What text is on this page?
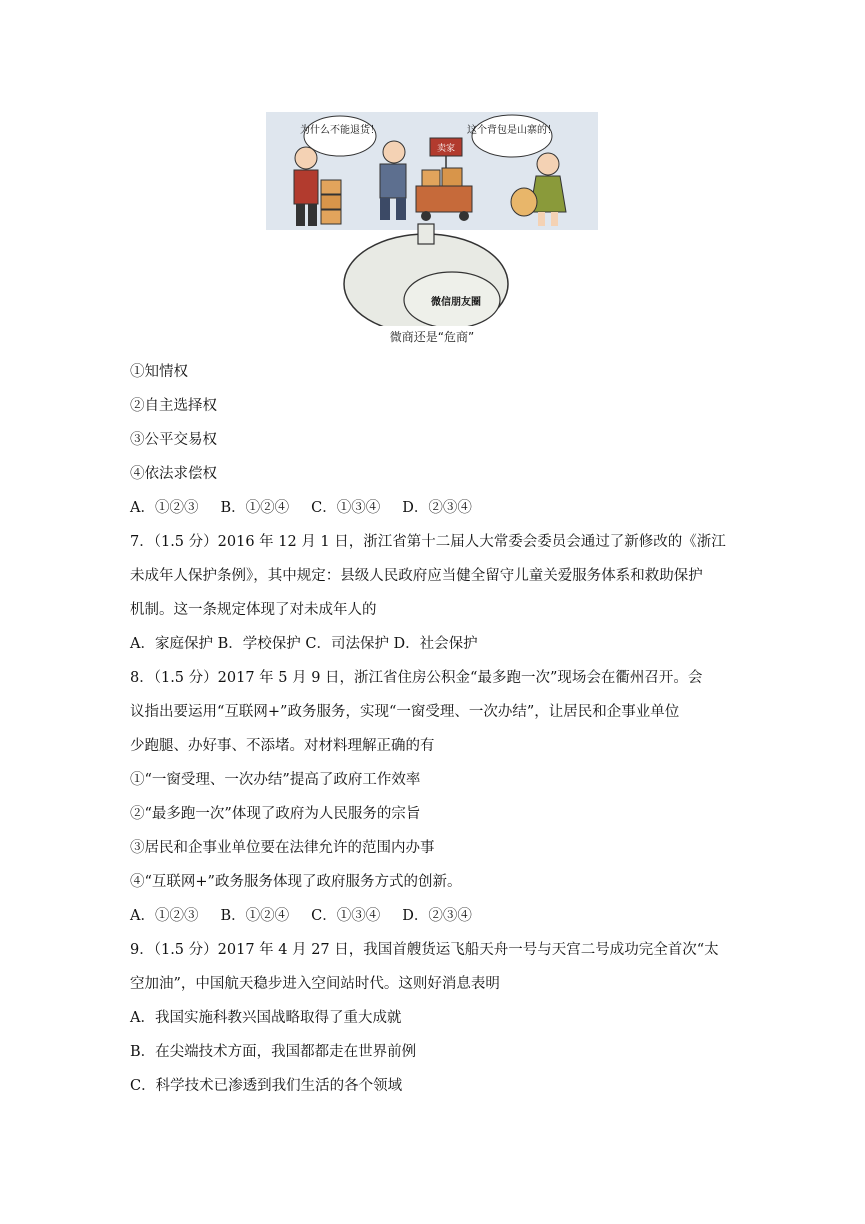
为什么不能退货！	这个背包是山寨的！
卖家
微信朋友圈
微商还是“危商”
①知情权
②自主选择权
③公平交易权
④依法求偿权
A．①②③ B．①②④ C．①③④ D．②③④
7．（1.5 分）2016 年 12 月 1 日，浙江省第十二届人大常委会委员会通过了新修改的《浙江
未成年人保护条例》，其中规定：县级人民政府应当健全留守儿童关爱服务体系和救助保护
机制。这一条规定体现了对未成年人的
A．家庭保护 B．学校保护 C．司法保护 D．社会保护
8．（1.5 分）2017 年 5 月 9 日，浙江省住房公积金“最多跑一次”现场会在衢州召开。会
议指出要运用“互联网+”政务服务，实现“一窗受理、一次办结”，让居民和企事业单位
少跑腿、办好事、不添堵。对材料理解正确的有
①“一窗受理、一次办结”提高了政府工作效率
②“最多跑一次”体现了政府为人民服务的宗旨
③居民和企事业单位要在法律允许的范围内办事
④“互联网+”政务服务体现了政府服务方式的创新。
A．①②③ B．①②④ C．①③④ D．②③④
9．（1.5 分）2017 年 4 月 27 日，我国首艘货运飞船天舟一号与天宫二号成功完全首次“太
空加油”，中国航天稳步进入空间站时代。这则好消息表明
A．我国实施科教兴国战略取得了重大成就
B．在尖端技术方面，我国都都走在世界前例
C．科学技术已渗透到我们生活的各个领域
